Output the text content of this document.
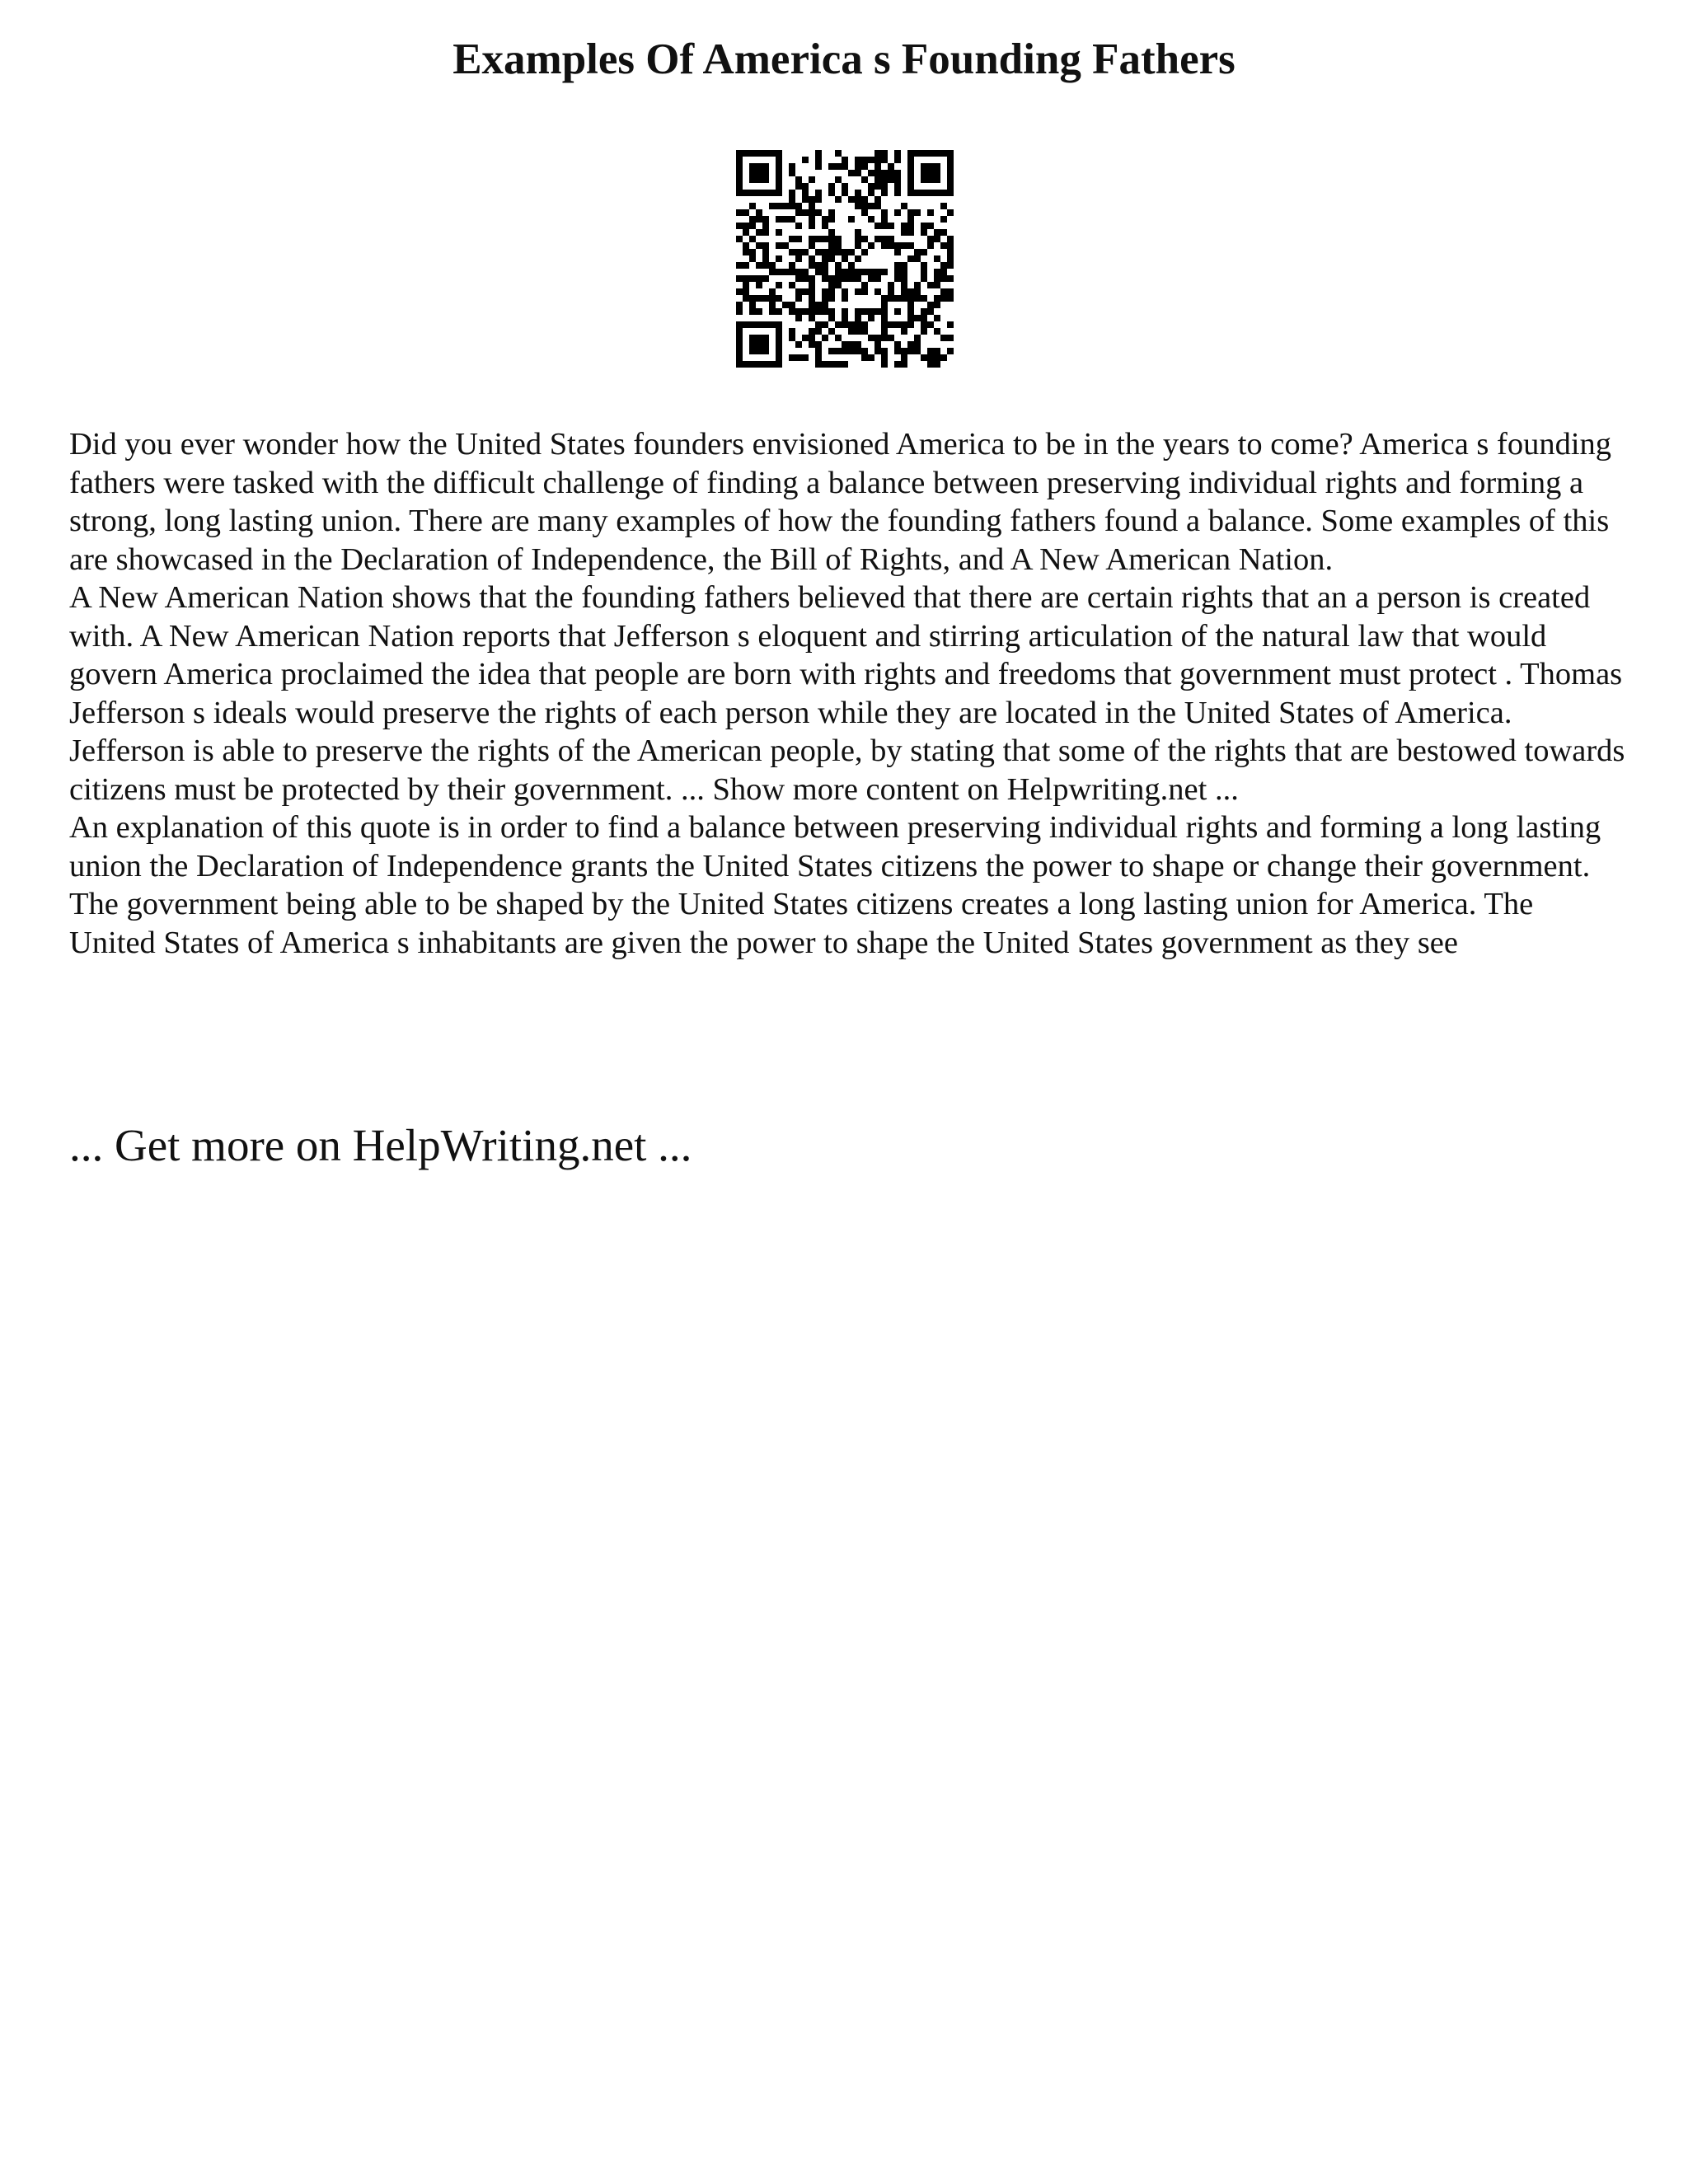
Examples Of America s Founding Fathers

Did you ever wonder how the United States founders envisioned America to be in the years to come? America s founding fathers were tasked with the difficult challenge of finding a balance between preserving individual rights and forming a strong, long lasting union. There are many examples of how the founding fathers found a balance. Some examples of this are showcased in the Declaration of Independence, the Bill of Rights, and A New American Nation.

A New American Nation shows that the founding fathers believed that there are certain rights that an a person is created with. A New American Nation reports that Jefferson s eloquent and stirring articulation of the natural law that would govern America proclaimed the idea that people are born with rights and freedoms that government must protect . Thomas Jefferson s ideals would preserve the rights of each person while they are located in the United States of America. Jefferson is able to preserve the rights of the American people, by stating that some of the rights that are bestowed towards citizens must be protected by their government. ... Show more content on Helpwriting.net ...

An explanation of this quote is in order to find a balance between preserving individual rights and forming a long lasting union the Declaration of Independence grants the United States citizens the power to shape or change their government. The government being able to be shaped by the United States citizens creates a long lasting union for America. The United States of America s inhabitants are given the power to shape the United States government as they see

... Get more on HelpWriting.net ...
